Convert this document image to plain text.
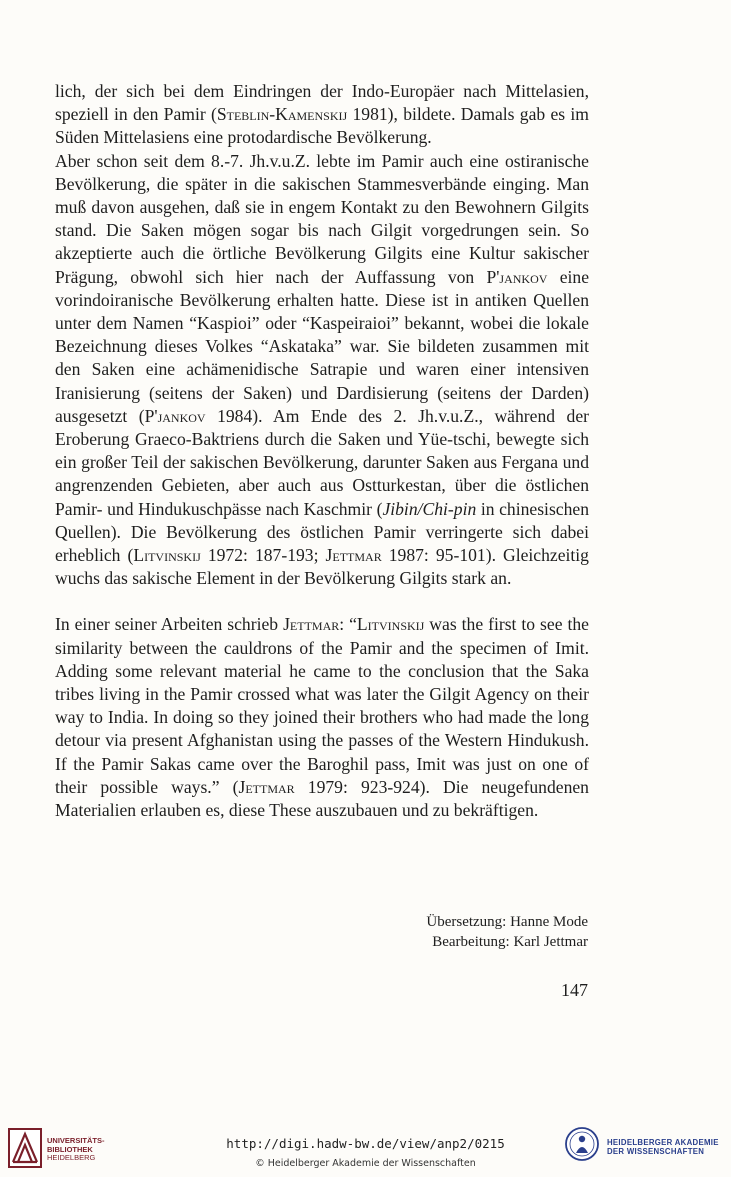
lich, der sich bei dem Eindringen der Indo-Europäer nach Mittelasien, speziell in den Pamir (Steblin-Kamenskij 1981), bildete. Damals gab es im Süden Mittelasiens eine protodardische Bevölkerung.

Aber schon seit dem 8.-7. Jh.v.u.Z. lebte im Pamir auch eine ostiranische Bevölkerung, die später in die sakischen Stammesverbände einging. Man muß davon ausgehen, daß sie in engem Kontakt zu den Bewohnern Gilgits stand. Die Saken mögen sogar bis nach Gilgit vorgedrungen sein. So akzeptierte auch die örtliche Bevölkerung Gilgits eine Kultur sakischer Prägung, obwohl sich hier nach der Auffassung von P'jankov eine vorindoiranische Bevölkerung erhalten hatte. Diese ist in antiken Quellen unter dem Namen “Kaspioi” oder “Kaspeiraioi” bekannt, wobei die lokale Bezeichnung dieses Volkes “Askataka” war. Sie bildeten zusammen mit den Saken eine achämenidische Satrapie und waren einer intensiven Iranisierung (seitens der Saken) und Dardisierung (seitens der Darden) ausgesetzt (P'jankov 1984). Am Ende des 2. Jh.v.u.Z., während der Eroberung Graeco-Baktriens durch die Saken und Yüe-tschi, bewegte sich ein großer Teil der sakischen Bevölkerung, darunter Saken aus Fergana und angrenzenden Gebieten, aber auch aus Ostturkestan, über die östlichen Pamir- und Hindukuschpässe nach Kaschmir (Jibin/Chi-pin in chinesischen Quellen). Die Bevölkerung des östlichen Pamir verringerte sich dabei erheblich (Litvinskij 1972: 187-193; Jettmar 1987: 95-101). Gleichzeitig wuchs das sakische Element in der Bevölkerung Gilgits stark an.

In einer seiner Arbeiten schrieb Jettmar: “Litvinskij was the first to see the similarity between the cauldrons of the Pamir and the specimen of Imit. Adding some relevant material he came to the conclusion that the Saka tribes living in the Pamir crossed what was later the Gilgit Agency on their way to India. In doing so they joined their brothers who had made the long detour via present Afghanistan using the passes of the Western Hindukush. If the Pamir Sakas came over the Baroghil pass, Imit was just on one of their possible ways.” (Jettmar 1979: 923-924). Die neugefundenen Materialien erlauben es, diese These auszubauen und zu bekräftigen.

Übersetzung: Hanne Mode
Bearbeitung: Karl Jettmar
147
UNIVERSITÄTS-
BIBLIOTHEK
HEIDELBERG
http://digi.hadw-bw.de/view/anp2/0215
© Heidelberger Akademie der Wissenschaften
HEIDELBERGER AKADEMIE
DER WISSENSCHAFTEN
